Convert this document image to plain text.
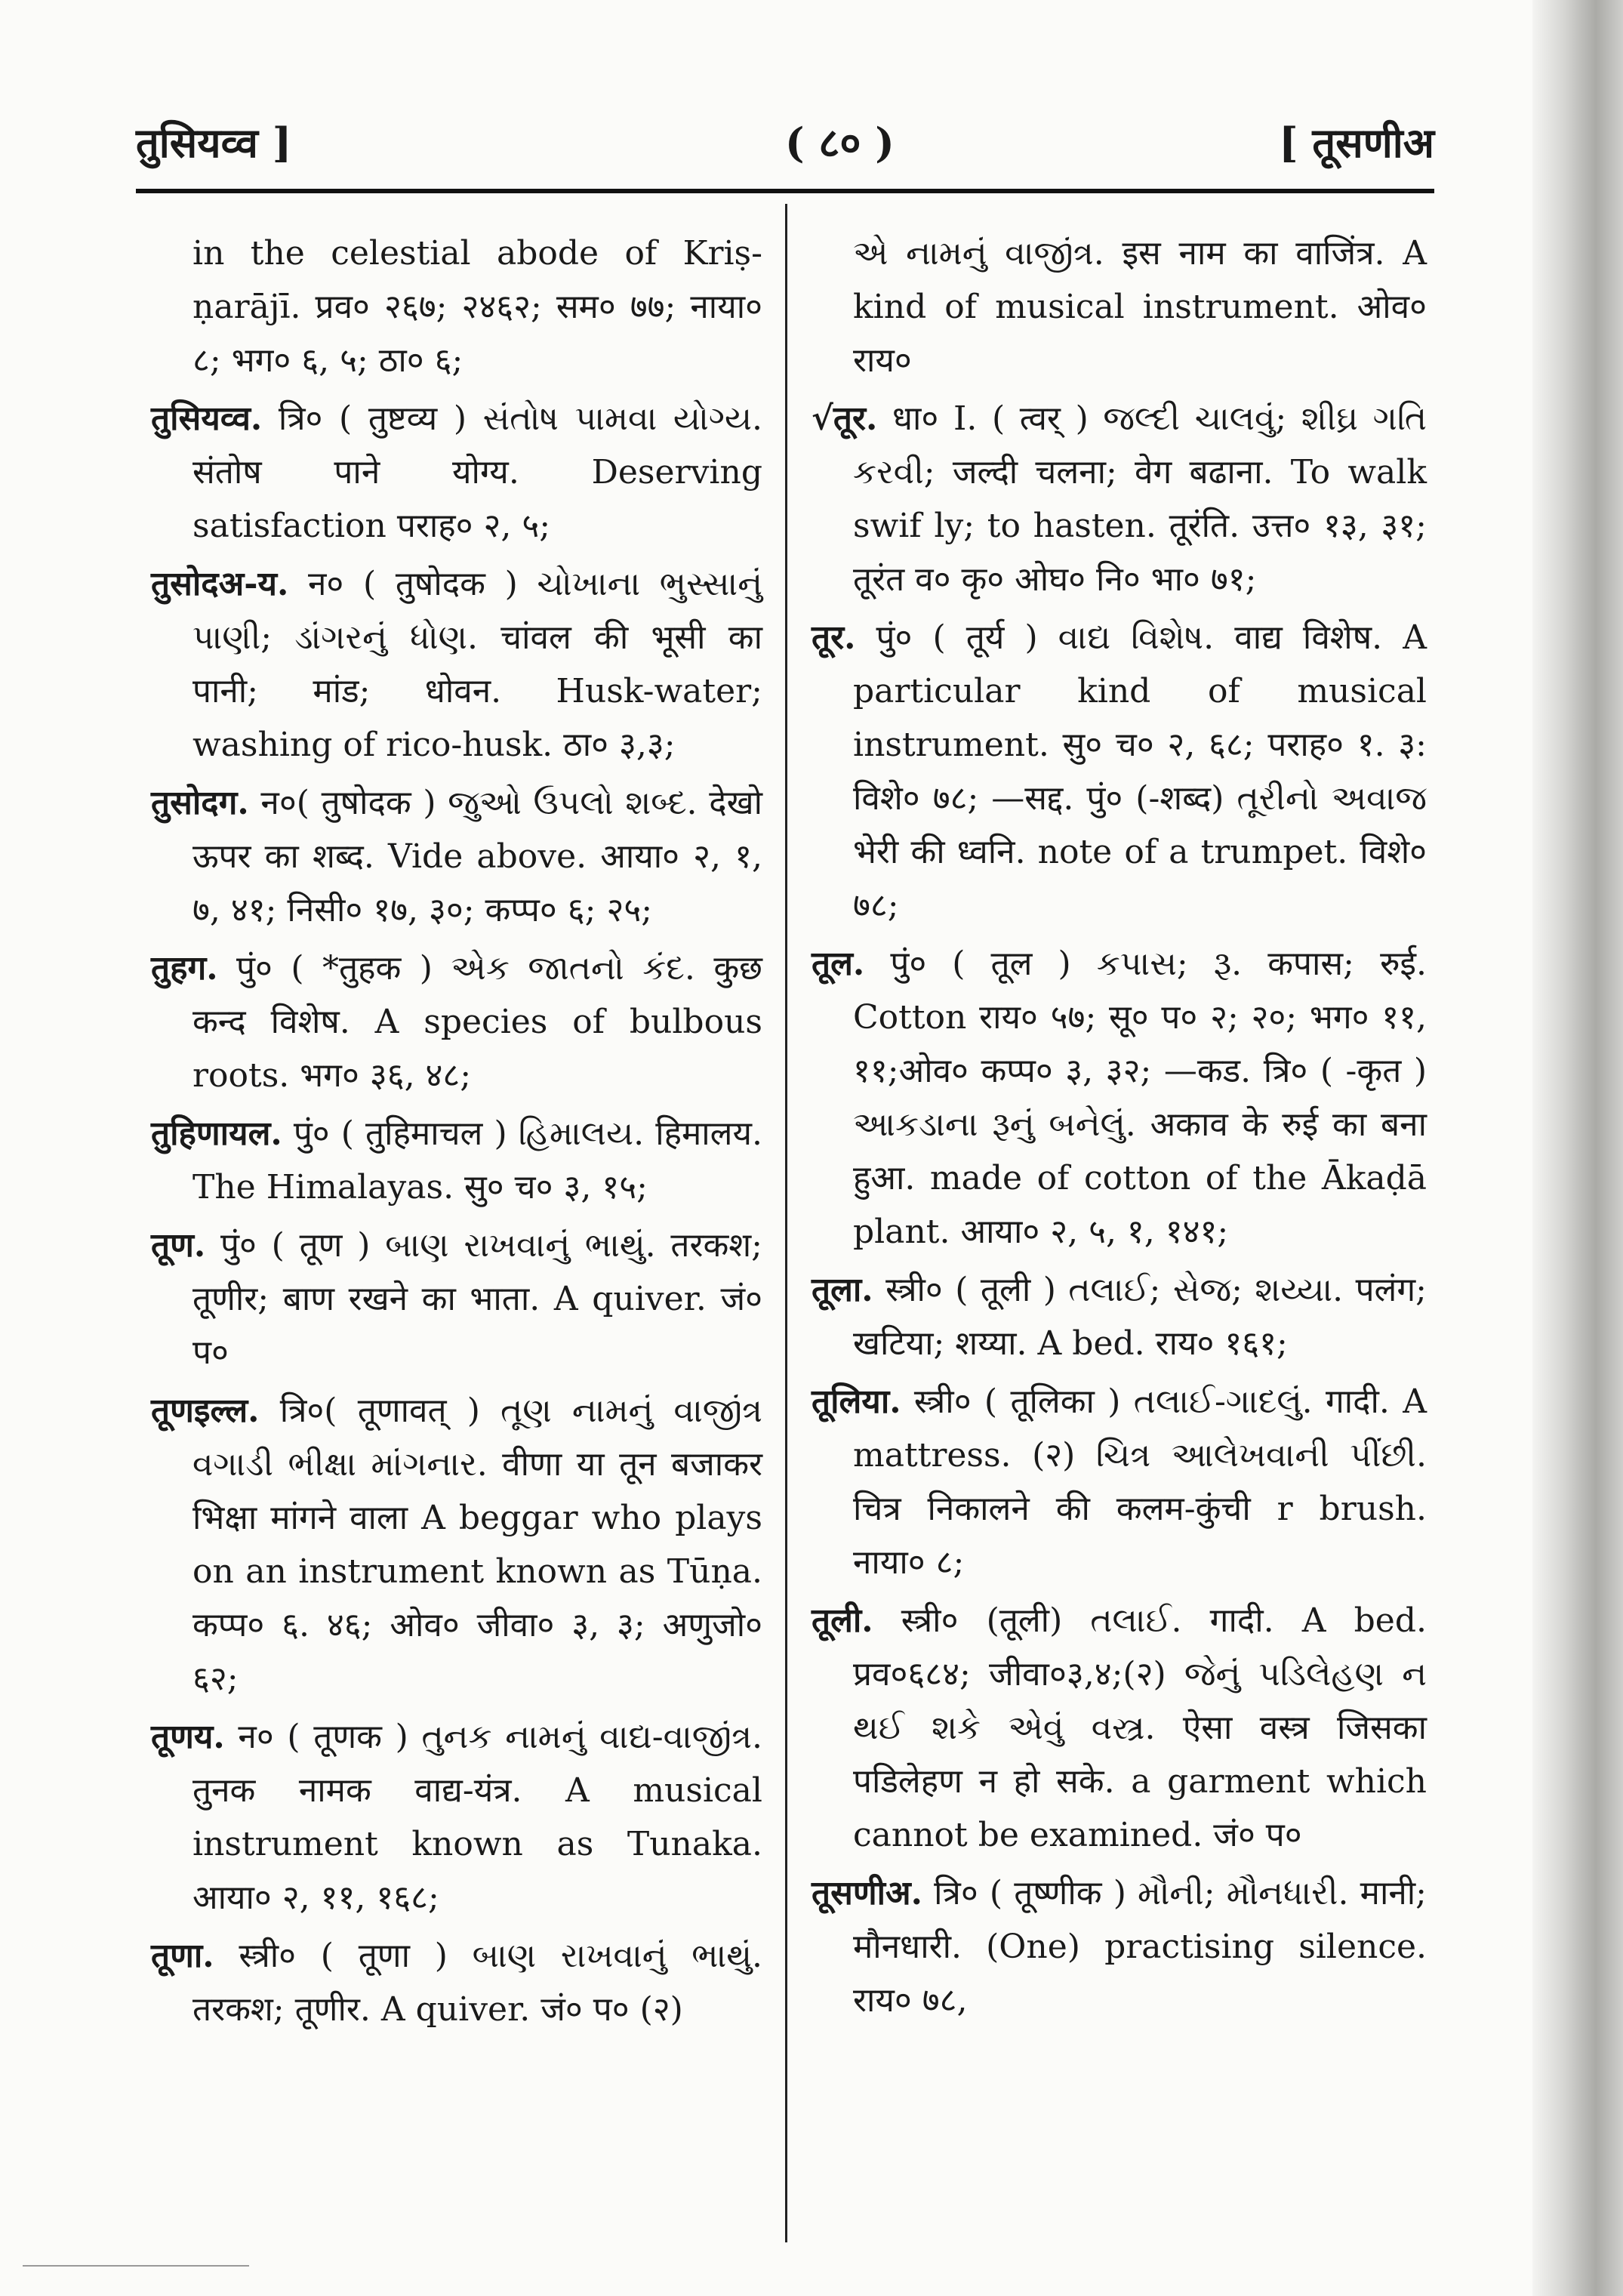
तुसियव्व ]	( ८० )	[ तूसणीअ

in the celestial abode of Kriṣ-ṇarājī. प्रव० २६७; २४६२; सम० ७७; नाया० ८; भग० ६, ५; ठा० ६;

तुसियव्व. त्रि० ( तुष्टव्य ) સંતોષ પામવા યોગ્ય. संतोष पाने योग्य. Deserving satisfaction पराह० २, ५;

तुसोदअ-य. न० ( तुषोदक ) ચોખાના ભુસ્સાનું પાણી; ડાંગરનું ધોણ. चांवल की भूसी का पानी; मांड; धोवन. Husk-water; washing of rico-husk. ठा० ३,३;

तुसोदग. न०( तुषोदक ) જુઓ ઉપલો શબ્દ. देखो ऊपर का शब्द. Vide above. आया० २, १, ७, ४१; निसी० १७, ३०; कप्प० ६; २५;

तुहग. पुं० ( *तुहक ) એક જાતનો કંદ. कुछ कन्द विशेष. A species of bulbous roots. भग० ३६, ४८;

तुहिणायल. पुं० ( तुहिमाचल ) હિમાલય. हिमालय. The Himalayas. सु० च० ३, १५;

तूण. पुं० ( तूण ) બાણ રાખવાનું ભાથું. तरकश; तूणीर; बाण रखने का भाता. A quiver. जं० प०

तूणइल्ल. त्रि०( तूणावत् ) તૂણ નામનું વાજીંત્ર વગાડી ભીક્ષા માંગનાર. वीणा या तून बजाकर भिक्षा मांगने वाला A beggar who plays on an instrument known as Tūṇa. कप्प० ६. ४६; ओव० जीवा० ३, ३; अणुजो० ६२;

तूणय. न० ( तूणक ) તુનક નામનું વાદ્ય-વાજીંત્ર. तुनक नामक वाद्य-यंत्र. A musical instrument known as Tunaka. आया० २, ११, १६८;

तूणा. स्त्री० ( तूणा ) બાણ રાખવાનું ભાથું. तरकश; तूणीर. A quiver. जं० प० (२)

એ નામનું વાજીંત્ર. इस नाम का वाजिंत्र. A kind of musical instrument. ओव० राय०

√तूर. धा० I. ( त्वर् ) જલ્દી ચાલવું; શીઘ્ર ગતિ કરવી; जल्दी चलना; वेग बढाना. To walk swif ly; to hasten. तूरंति. उत्त० १३, ३१; तूरंत व० कृ० ओघ० नि० भा० ७१;

तूर. पुं० ( तूर्य ) વાદ્ય વિશેષ. वाद्य विशेष. A particular kind of musical instrument. सु० च० २, ६८; पराह० १. ३: विशे० ७८; —सद्द. पुं० (-शब्द) તૂરીનો અવાજ भेरी की ध्वनि. note of a trumpet. विशे० ७८;

तूल. पुं० ( तूल ) કપાસ; રૂ. कपास; रुई. Cotton राय० ५७; सू० प० २; २०; भग० ११, ११;ओव० कप्प० ३, ३२; —कड. त्रि० ( -कृत ) આકડાના રૂનું બનેલું. अकाव के रुई का बना हुआ. made of cotton of the Ākaḍā plant. आया० २, ५, १, १४१;

तूला. स्त्री० ( तूली ) તલાઈ; સેજ; શય્યા. पलंग; खटिया; शय्या. A bed. राय० १६१;

तूलिया. स्त्री० ( तूलिका ) તલાઈ-ગાદલું. गादी. A mattress. (२) ચિત્ર આલેખવાની પીંછી. चित्र निकालने की कलम-कुंची r brush. नाया० ८;

तूली. स्त्री० (तूली) તલાઈ. गादी. A bed. प्रव०६८४; जीवा०३,४;(२) જેનું પડિલેહણ ન થઈ શકે એવું વસ્ત્ર. ऐसा वस्त्र जिसका पडिलेहण न हो सके. a garment which cannot be examined. जं० प०

तूसणीअ. त्रि० ( तूष्णीक ) મૌની; મૌનધારી. मानी; मौनधारी. (One) practising silence. राय० ७८,
